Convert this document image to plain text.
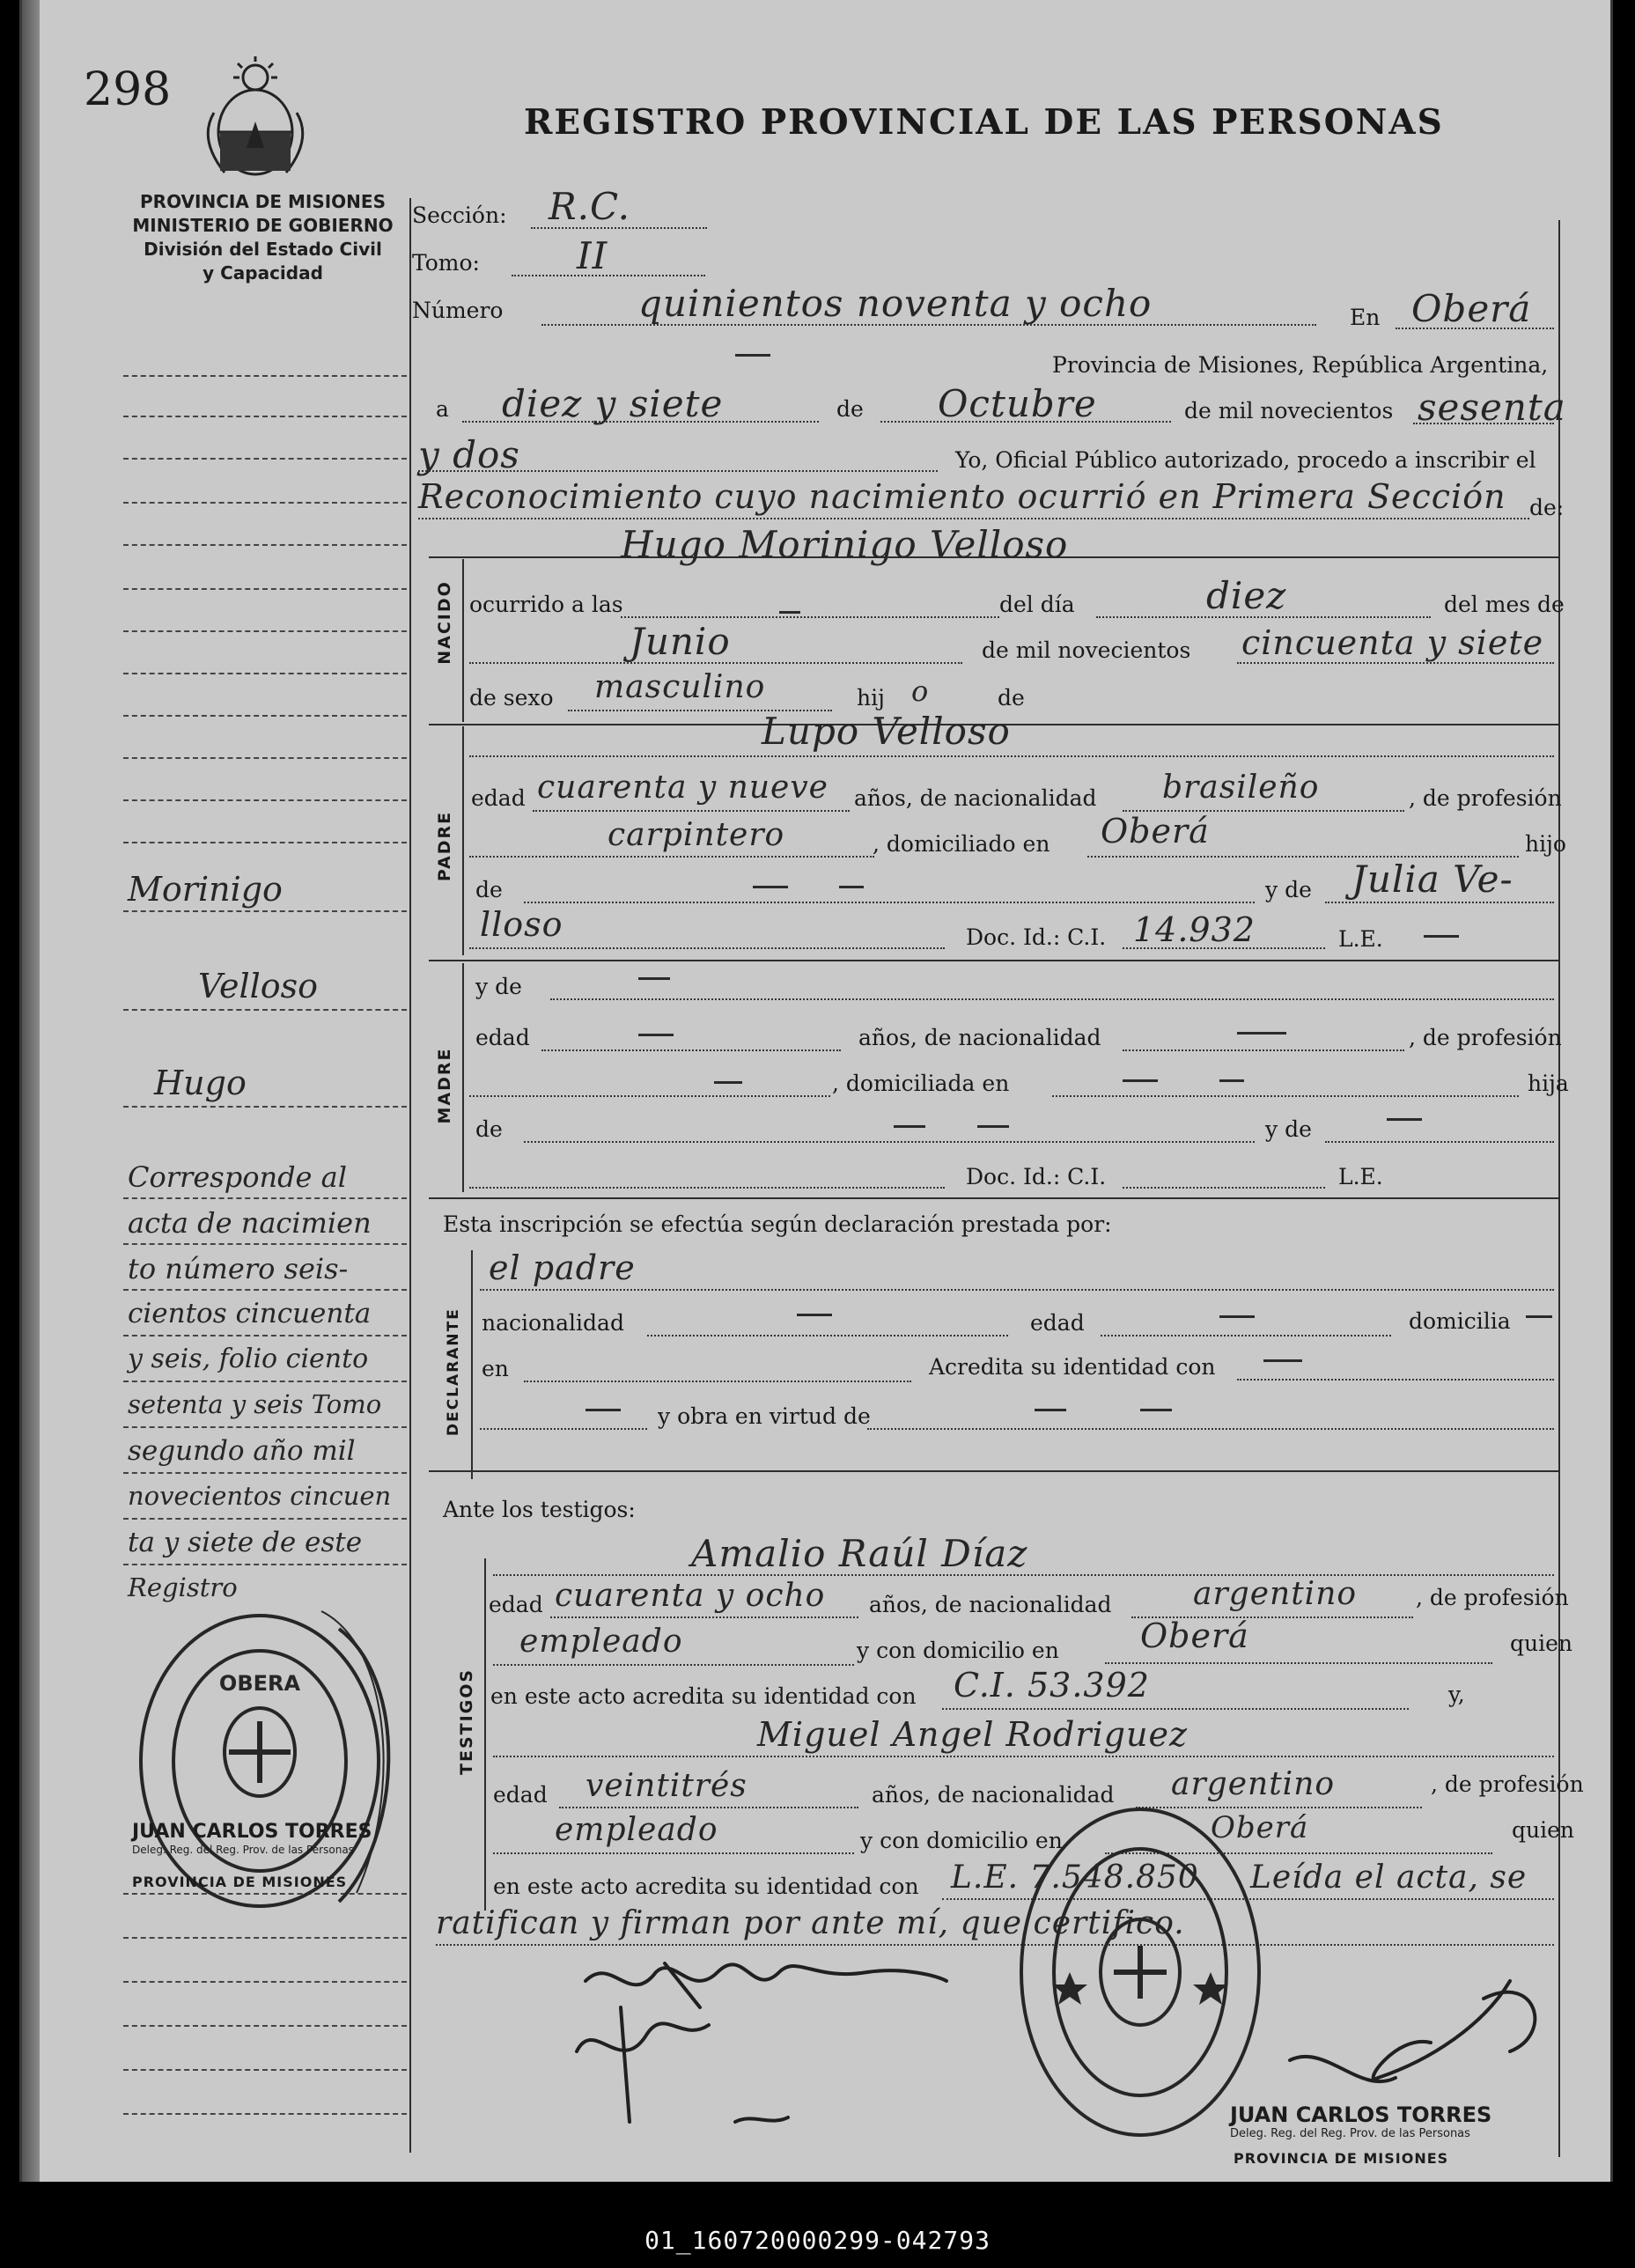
298
REGISTRO PROVINCIAL DE LAS PERSONAS
PROVINCIA DE MISIONES
MINISTERIO DE GOBIERNO
División del Estado Civil
y Capacidad
Sección: R.C.
Tomo:	II
Número	quinientos noventa y ocho	En Oberá
Provincia de Misiones, República Argentina,
a diez y siete	de Octubre	de mil novecientos sesenta
y dos	Yo, Oficial Público autorizado, procedo a inscribir el
Reconocimiento cuyo nacimiento ocurrió en Primera Sección de:
NACIDO
Hugo Morinigo Velloso
ocurrido a las	del día	diez	del mes de
Junio	de mil novecientos cincuenta y siete
de sexo masculino	hij o	de
PADRE
Lupo Velloso
edad cuarenta y nueve años, de nacionalidad brasileño	, de profesión
carpintero	, domiciliado en Oberá	hijo
de	y de Julia Ve-
lloso	Doc. Id.: C.I. 14.932	L.E.
MADRE
y de
edad	años, de nacionalidad	, de profesión
, domiciliada en	hija
de	y de
Doc. Id.: C.I.	L.E.
Esta inscripción se efectúa según declaración prestada por:
DECLARANTE
el padre
nacionalidad	edad	domicilia
en	Acredita su identidad con
y obra en virtud de
Ante los testigos:
TESTIGOS
Amalio Raúl Díaz
edad cuarenta y ocho años, de nacionalidad	argentino	, de profesión
empleado	y con domicilio en Oberá	quien
en este acto acredita su identidad con C.I. 53.392	y,
Miguel Angel Rodriguez
edad veintitrés	años, de nacionalidad argentino	, de profesión
empleado	y con domicilio en	Oberá	quien
en este acto acredita su identidad con L.E. 7.548.850 Leída el acta, se
ratifican y firman por ante mí, que certifico.
Morinigo
Velloso
Hugo
Corresponde al
acta de nacimien
to número seis-
cientos cincuenta
y seis, folio ciento
setenta y seis Tomo
segundo año mil
novecientos cincuen
ta y siete de este
Registro
OBERA
JUAN CARLOS TORRES
Deleg. Reg. del Reg. Prov. de las Personas
PROVINCIA DE MISIONES
JUAN CARLOS TORRES
Deleg. Reg. del Reg. Prov. de las Personas
PROVINCIA DE MISIONES
01_160720000299-042793
